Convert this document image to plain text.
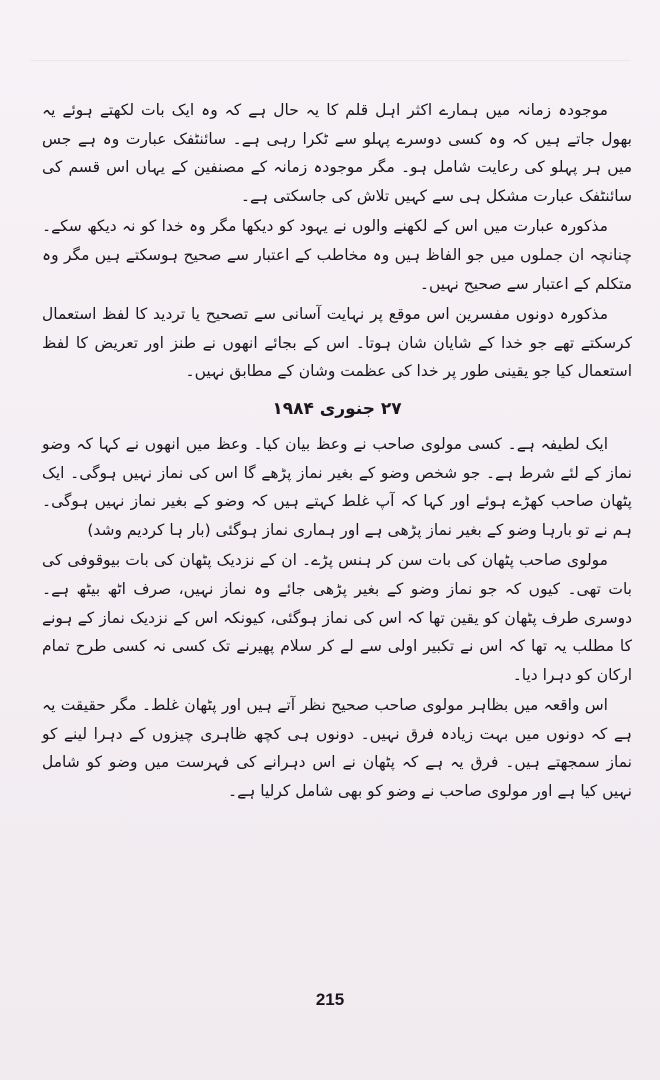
موجودہ زمانہ میں ہمارے اکثر اہل قلم کا یہ حال ہے کہ وہ ایک بات لکھتے ہوئے یہ بھول جاتے ہیں کہ وہ کسی دوسرے پہلو سے ٹکرا رہی ہے۔ سائنٹفک عبارت وہ ہے جس میں ہر پہلو کی رعایت شامل ہو۔ مگر موجودہ زمانہ کے مصنفین کے یہاں اس قسم کی سائنٹفک عبارت مشکل ہی سے کہیں تلاش کی جاسکتی ہے۔

مذکورہ عبارت میں اس کے لکھنے والوں نے یہود کو دیکھا مگر وہ خدا کو نہ دیکھ سکے۔ چنانچہ ان جملوں میں جو الفاظ ہیں وہ مخاطب کے اعتبار سے صحیح ہوسکتے ہیں مگر وہ متکلم کے اعتبار سے صحیح نہیں۔

مذکورہ دونوں مفسرین اس موقع پر نہایت آسانی سے تصحیح یا تردید کا لفظ استعمال کرسکتے تھے جو خدا کے شایان شان ہوتا۔ اس کے بجائے انھوں نے طنز اور تعریض کا لفظ استعمال کیا جو یقینی طور پر خدا کی عظمت وشان کے مطابق نہیں۔

۲۷ جنوری ۱۹۸۴

ایک لطیفہ ہے۔ کسی مولوی صاحب نے وعظ بیان کیا۔ وعظ میں انھوں نے کہا کہ وضو نماز کے لئے شرط ہے۔ جو شخص وضو کے بغیر نماز پڑھے گا اس کی نماز نہیں ہوگی۔ ایک پٹھان صاحب کھڑے ہوئے اور کہا کہ آپ غلط کہتے ہیں کہ وضو کے بغیر نماز نہیں ہوگی۔ ہم نے تو بارہا وضو کے بغیر نماز پڑھی ہے اور ہماری نماز ہوگئی (بار ہا کردیم وشد)

مولوی صاحب پٹھان کی بات سن کر ہنس پڑے۔ ان کے نزدیک پٹھان کی بات بیوقوفی کی بات تھی۔ کیوں کہ جو نماز وضو کے بغیر پڑھی جائے وہ نماز نہیں، صرف اٹھ بیٹھ ہے۔ دوسری طرف پٹھان کو یقین تھا کہ اس کی نماز ہوگئی، کیونکہ اس کے نزدیک نماز کے ہونے کا مطلب یہ تھا کہ اس نے تکبیر اولی سے لے کر سلام پھیرنے تک کسی نہ کسی طرح تمام ارکان کو دہرا دیا۔

اس واقعہ میں بظاہر مولوی صاحب صحیح نظر آتے ہیں اور پٹھان غلط۔ مگر حقیقت یہ ہے کہ دونوں میں بہت زیادہ فرق نہیں۔ دونوں ہی کچھ ظاہری چیزوں کے دہرا لینے کو نماز سمجھتے ہیں۔ فرق یہ ہے کہ پٹھان نے اس دہرانے کی فہرست میں وضو کو شامل نہیں کیا ہے اور مولوی صاحب نے وضو کو بھی شامل کرلیا ہے۔

215
